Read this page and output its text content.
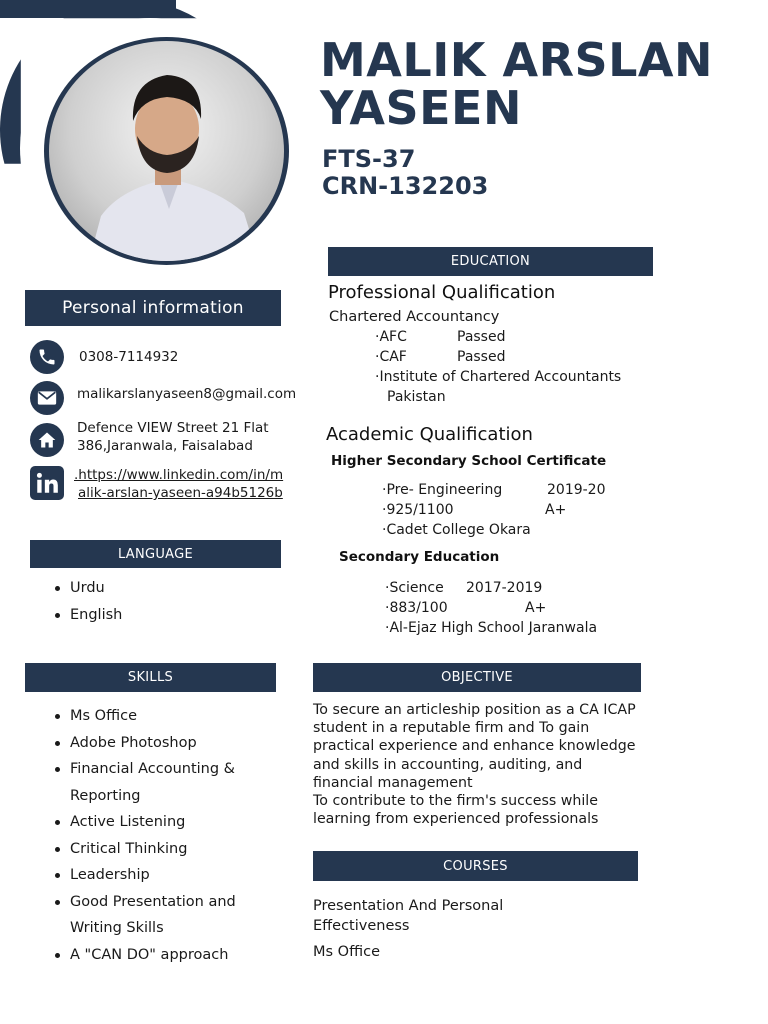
MALIK ARSLAN
YASEEN
FTS-37
CRN-132203
Personal information
0308-7114932
malikarslanyaseen8@gmail.com
Defence VIEW Street 21 Flat
386,Jaranwala, Faisalabad
.https://www.linkedin.com/in/m
alik-arslan-yaseen-a94b5126b
LANGUAGE
Urdu
English
SKILLS
Ms Office
Adobe Photoshop
Financial Accounting &
Reporting
Active Listening
Critical Thinking
Leadership
Good Presentation and
Writing Skills
A "CAN DO" approach
EDUCATION
Professional Qualification
Chartered Accountancy
·AFC	Passed
·CAF	Passed
·Institute of Chartered Accountants
Pakistan
Academic Qualification
Higher Secondary School Certificate
·Pre- Engineering	2019-20
·925/1100	A+
·Cadet College Okara
Secondary Education
·Science 2017-2019
·883/100	A+
·Al-Ejaz High School Jaranwala
OBJECTIVE
To secure an articleship position as a CA ICAP
student in a reputable firm and To gain
practical experience and enhance knowledge
and skills in accounting, auditing, and
financial management
To contribute to the firm's success while
learning from experienced professionals
COURSES
Presentation And Personal
Effectiveness
Ms Office
